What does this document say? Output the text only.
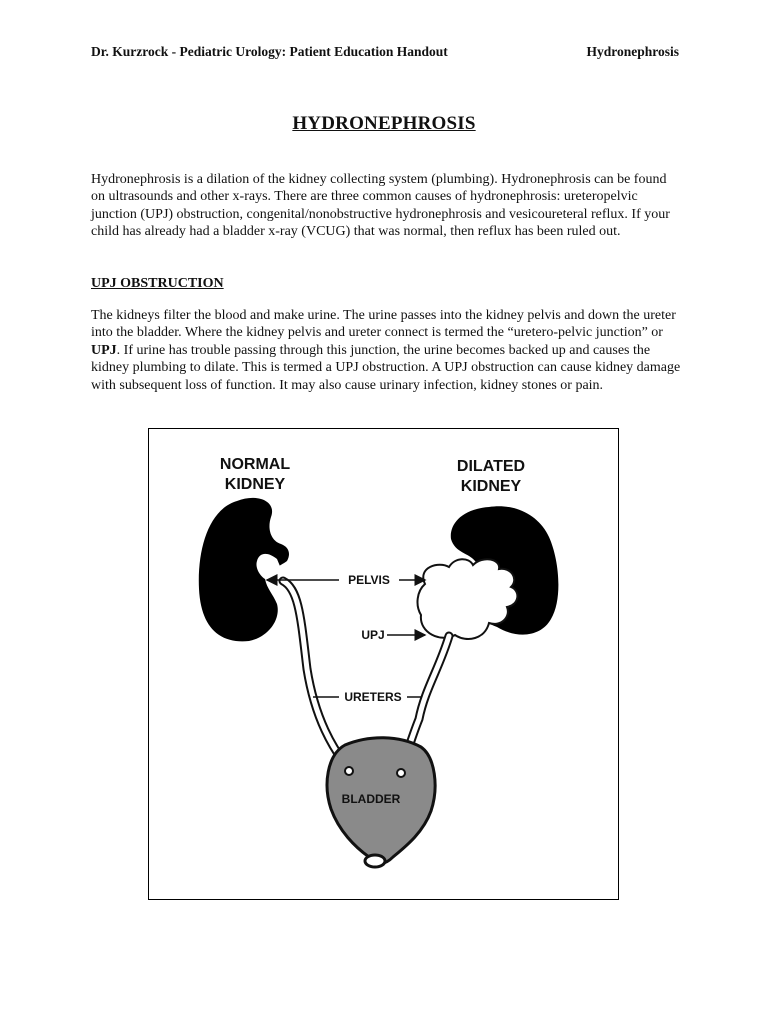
Dr. Kurzrock - Pediatric Urology: Patient Education Handout	Hydronephrosis
HYDRONEPHROSIS

Hydronephrosis is a dilation of the kidney collecting system (plumbing). Hydronephrosis can be found on ultrasounds and other x-rays. There are three common causes of hydronephrosis: ureteropelvic junction (UPJ) obstruction, congenital/nonobstructive hydronephrosis and vesicoureteral reflux. If your child has already had a bladder x-ray (VCUG) that was normal, then reflux has been ruled out.

UPJ OBSTRUCTION

The kidneys filter the blood and make urine. The urine passes into the kidney pelvis and down the ureter into the bladder. Where the kidney pelvis and ureter connect is termed the “uretero-pelvic junction” or UPJ. If urine has trouble passing through this junction, the urine becomes backed up and causes the kidney plumbing to dilate. This is termed a UPJ obstruction. A UPJ obstruction can cause kidney damage with subsequent loss of function. It may also cause urinary infection, kidney stones or pain.

NORMAL
KIDNEY
DILATED
KIDNEY
PELVIS
UPJ
URETERS
BLADDER
